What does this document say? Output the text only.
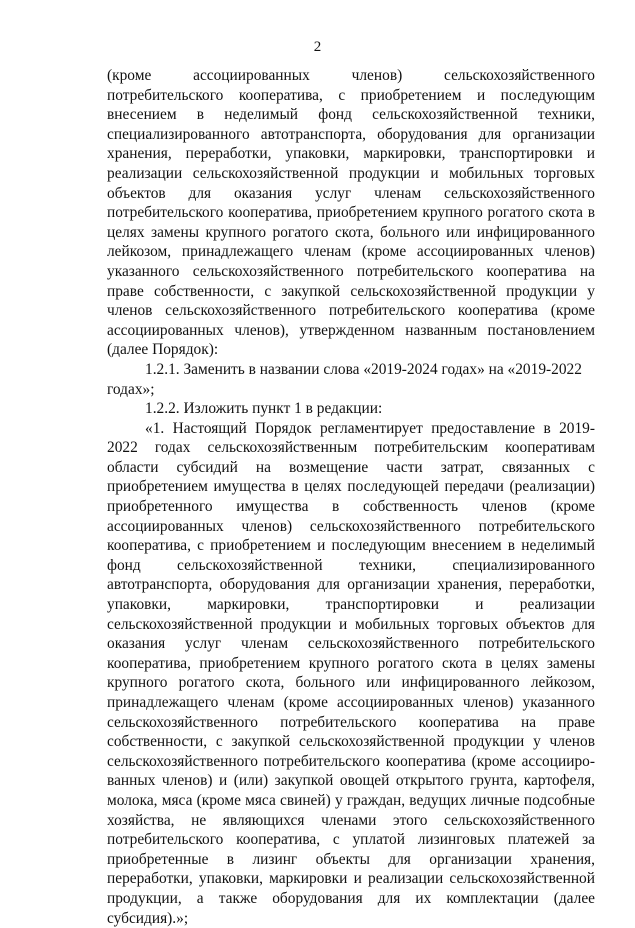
2

(кроме ассоциированных членов) сельскохозяйственного потребительского кооператива, с приобретением и последующим внесением в неделимый фонд сельскохозяйственной техники, специализированного автотранспорта, оборудования для организации хранения, переработки, упаковки, маркировки, транспортировки и реализации сельскохозяйственной продукции и мобильных торговых объектов для оказания услуг членам сельскохозяйственного потребительского кооператива, приобретением крупного рогатого скота в целях замены крупного рогатого скота, больного или инфицированного лейкозом, принадлежащего членам (кроме ассоциированных членов) указанного сельскохозяйственного потребительского кооператива на праве собственности, с закупкой сельскохозяйственной продукции у членов сельскохозяйственного потребительского кооператива (кроме ассоциированных членов), утвержденном названным постановлением (далее Порядок):

1.2.1. Заменить в названии слова «2019-2024 годах» на «2019-2022 годах»;

1.2.2. Изложить пункт 1 в редакции:

«1. Настоящий Порядок регламентирует предоставление в 2019-2022 годах сельскохозяйственным потребительским кооперативам области субсидий на возмещение части затрат, связанных с приобретением имущества в целях последующей передачи (реализации) приобретенного имущества в собственность членов (кроме ассоциированных членов) сельскохозяйственного потребительского кооператива, с приобретением и последующим внесением в неделимый фонд сельскохозяйственной техники, специализированного автотранспорта, оборудования для организации хранения, переработки, упаковки, маркировки, транспортировки и реализации сельскохозяйственной продукции и мобильных торговых объектов для оказания услуг членам сельскохозяйственного потребительского кооператива, приобретением крупного рогатого скота в целях замены крупного рогатого скота, больного или инфицированного лейкозом, принадлежащего членам (кроме ассоциированных членов) указанного сельскохозяйственного потребительского кооператива на праве собственности, с закупкой сельскохозяйственной продукции у членов сельскохозяйственного потребительского кооператива (кроме ассоциированных членов) и (или) закупкой овощей открытого грунта, картофеля, молока, мяса (кроме мяса свиней) у граждан, ведущих личные подсобные хозяйства, не являющихся членами этого сельскохозяйственного потребительского кооператива, с уплатой лизинговых платежей за приобретенные в лизинг объекты для организации хранения, переработки, упаковки, маркировки и реализации сельскохозяйственной продукции, а также оборудования для их комплектации (далее субсидия).»;
